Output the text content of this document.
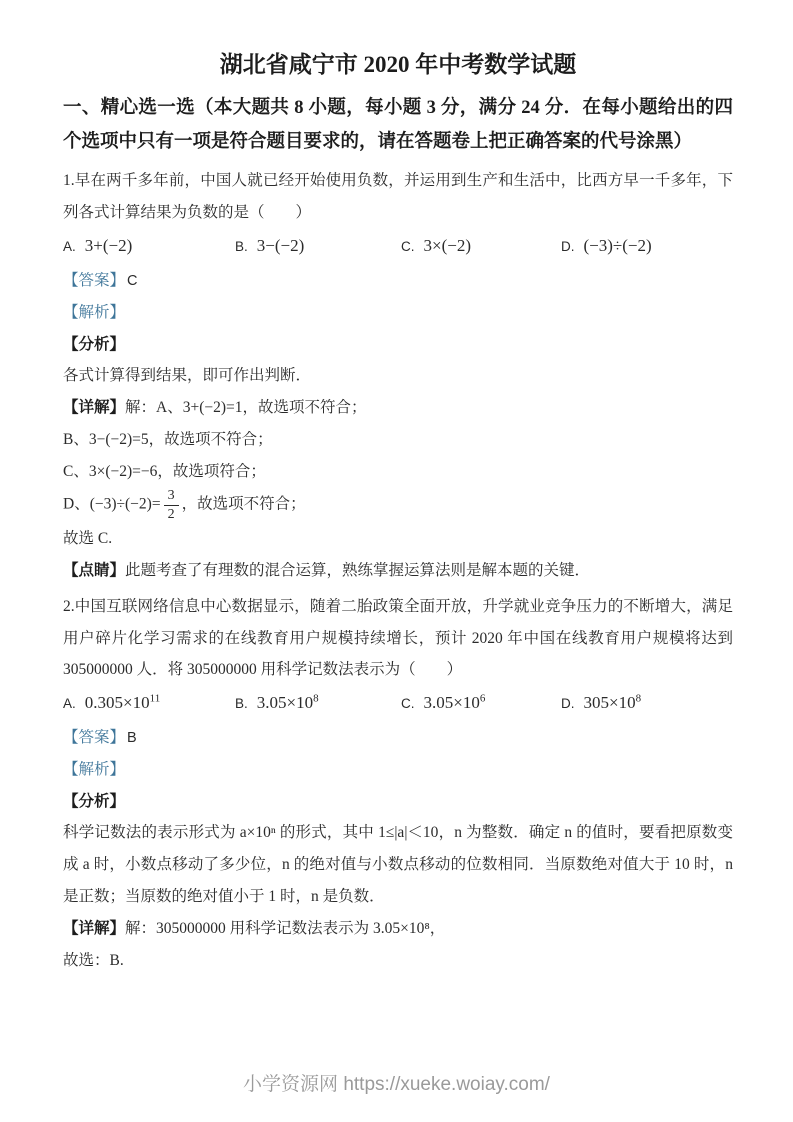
湖北省咸宁市 2020 年中考数学试题

一、精心选一选（本大题共 8 小题，每小题 3 分，满分 24 分．在每小题给出的四个选项中只有一项是符合题目要求的，请在答题卷上把正确答案的代号涂黑）

1.早在两千多年前，中国人就已经开始使用负数，并运用到生产和生活中，比西方早一千多年，下列各式计算结果为负数的是（　　）

A. 3+(−2)	B. 3−(−2)	C. 3×(−2)	D. (−3)÷(−2)

【答案】 C

【解析】

【分析】

各式计算得到结果，即可作出判断．

【详解】解：A、3+(−2)=1，故选项不符合；

B、3−(−2)=5，故选项不符合；

C、3×(−2)=−6，故选项符合；

D、$(-3)\div(-2)= \frac{3}{2}$ ，故选项不符合；

故选 C.

【点睛】此题考查了有理数的混合运算，熟练掌握运算法则是解本题的关键．

2.中国互联网络信息中心数据显示，随着二胎政策全面开放，升学就业竞争压力的不断增大，满足用户碎片化学习需求的在线教育用户规模持续增长，预计 2020 年中国在线教育用户规模将达到 305000000 人．将 305000000 用科学记数法表示为（　　）

A. $0.305\times 10^{11}$	B. $3.05\times 10^8$	C. $3.05\times 10^6$	D. $305\times 10^8$

【答案】 B

【解析】

【分析】

科学记数法的表示形式为 a×10ⁿ 的形式，其中 1≤|a|＜10，n 为整数．确定 n 的值时，要看把原数变成 a 时，小数点移动了多少位，n 的绝对值与小数点移动的位数相同．当原数绝对值大于 10 时，n 是正数；当原数的绝对值小于 1 时，n 是负数．

【详解】解：305000000 用科学记数法表示为 3.05×10⁸，

故选：B.

小学资源网 https://xueke.woiay.com/
